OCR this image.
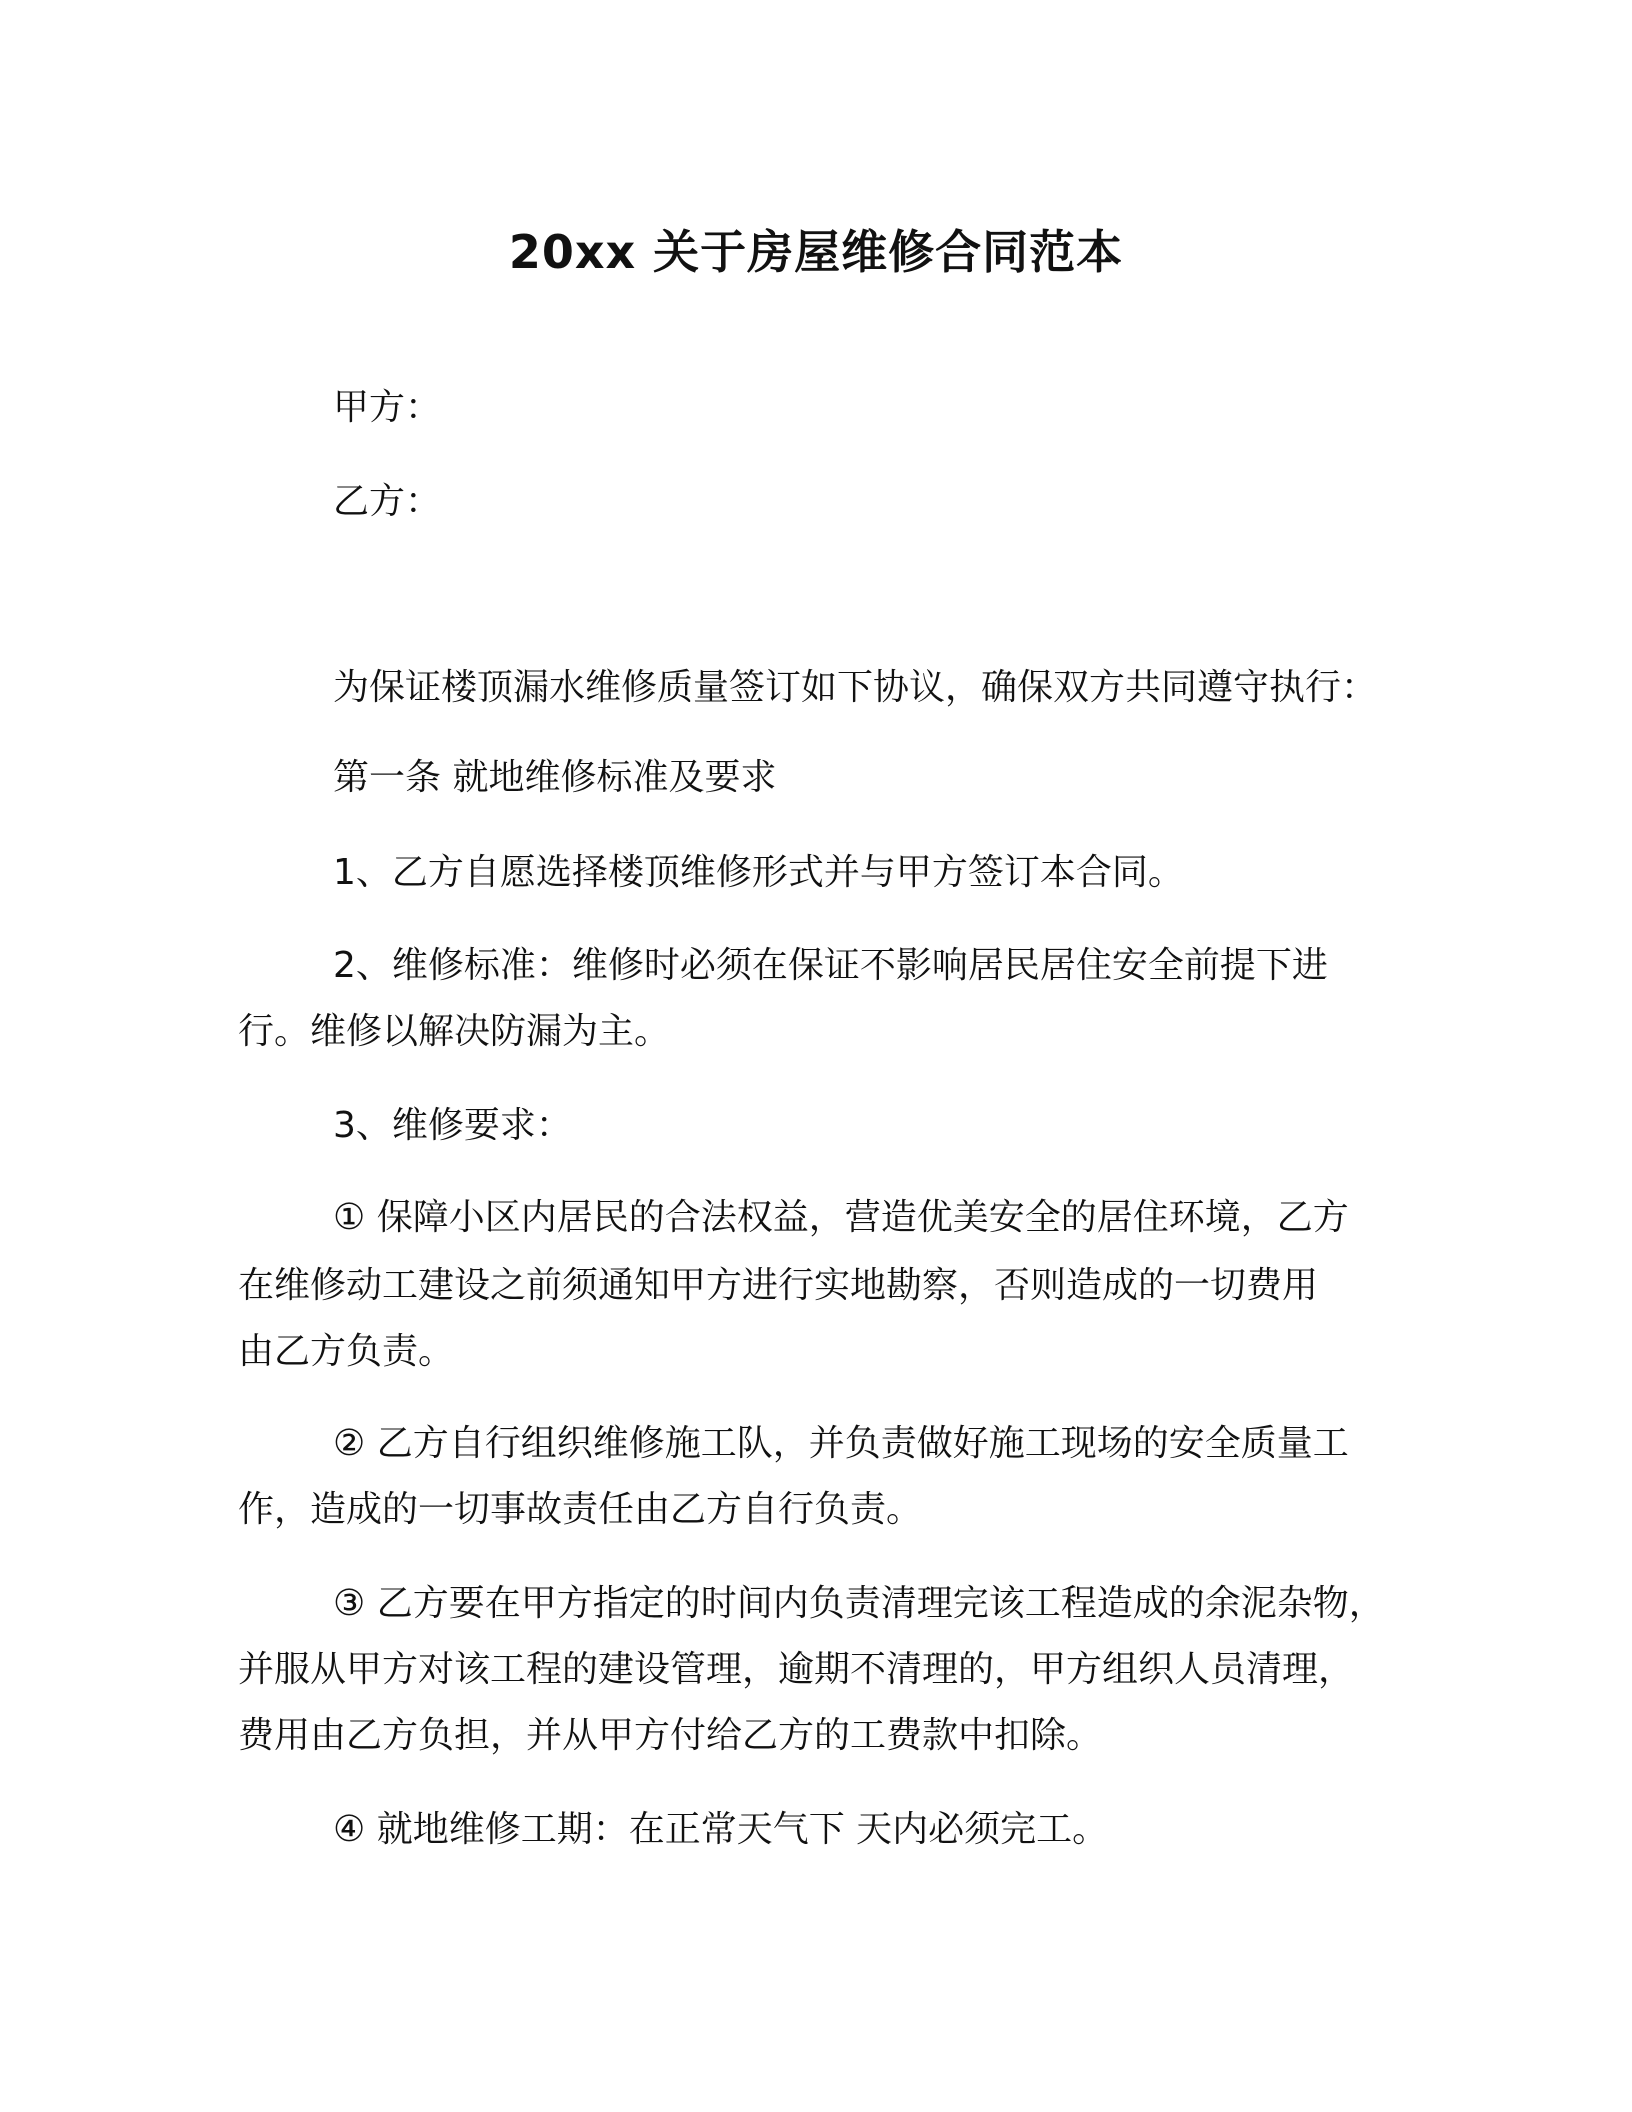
20xx 关于房屋维修合同范本

甲方：

乙方：

为保证楼顶漏水维修质量签订如下协议，确保双方共同遵守执行：

第一条 就地维修标准及要求

1、乙方自愿选择楼顶维修形式并与甲方签订本合同。

2、维修标准：维修时必须在保证不影响居民居住安全前提下进

行。维修以解决防漏为主。

3、维修要求：

① 保障小区内居民的合法权益，营造优美安全的居住环境，乙方

在维修动工建设之前须通知甲方进行实地勘察，否则造成的一切费用

由乙方负责。

② 乙方自行组织维修施工队，并负责做好施工现场的安全质量工

作，造成的一切事故责任由乙方自行负责。

③ 乙方要在甲方指定的时间内负责清理完该工程造成的余泥杂物，

并服从甲方对该工程的建设管理，逾期不清理的，甲方组织人员清理，

费用由乙方负担，并从甲方付给乙方的工费款中扣除。

④ 就地维修工期：在正常天气下 天内必须完工。
